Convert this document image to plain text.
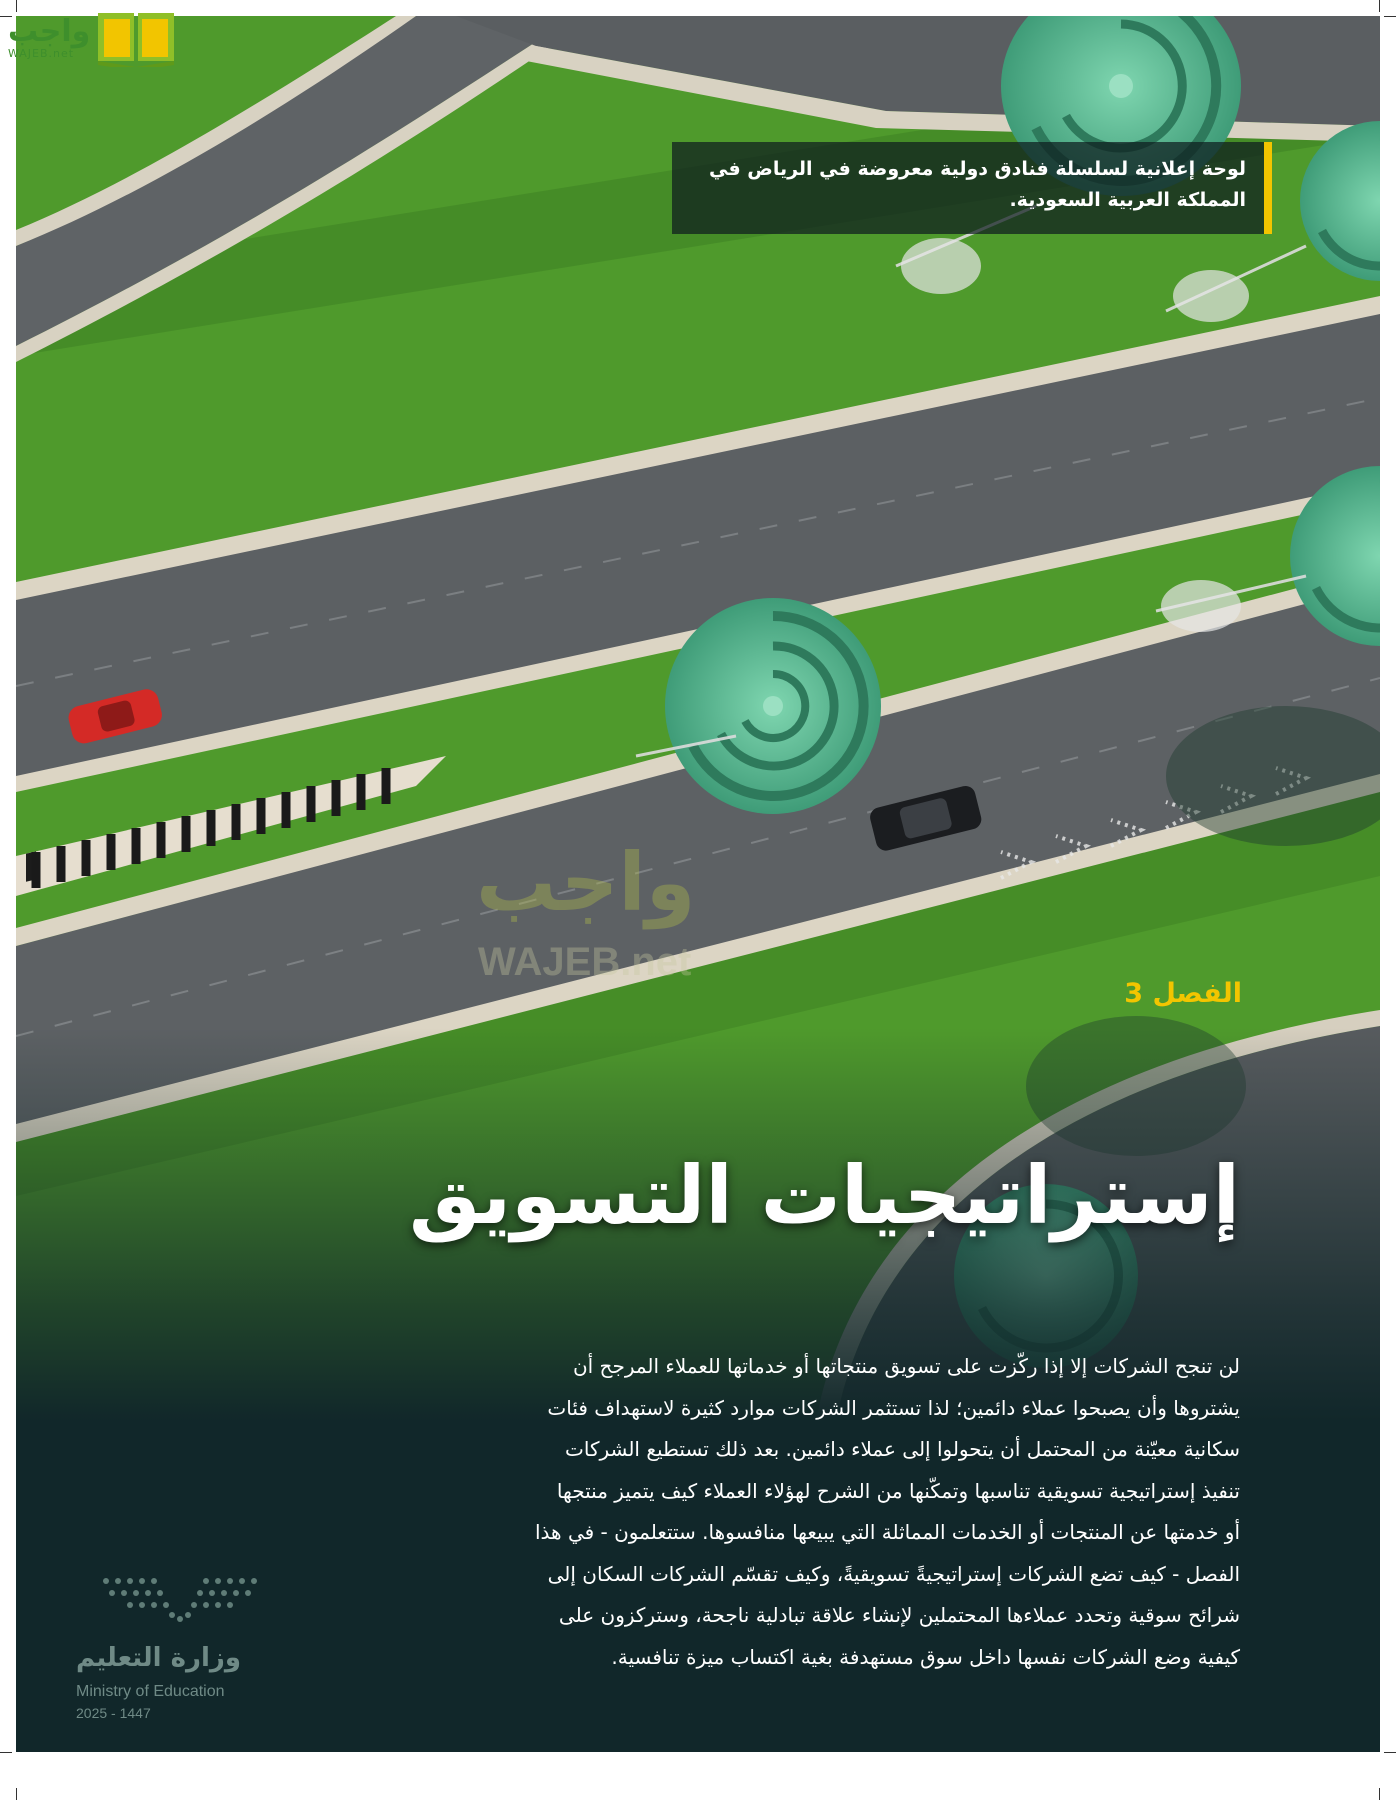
واجب
WAJEB.net
لوحة إعلانية لسلسلة فنادق دولية معروضة في الرياض في المملكة العربية السعودية.
الفصل 3
إستراتيجيات التسويق
لن تنجح الشركات إلا إذا ركّزت على تسويق منتجاتها أو خدماتها للعملاء المرجح أن
يشتروها وأن يصبحوا عملاء دائمين؛ لذا تستثمر الشركات موارد كثيرة لاستهداف فئات
سكانية معيّنة من المحتمل أن يتحولوا إلى عملاء دائمين. بعد ذلك تستطيع الشركات
تنفيذ إستراتيجية تسويقية تناسبها وتمكّنها من الشرح لهؤلاء العملاء كيف يتميز منتجها
أو خدمتها عن المنتجات أو الخدمات المماثلة التي يبيعها منافسوها. ستتعلمون - في هذا
الفصل - كيف تضع الشركات إستراتيجيةً تسويقيةً، وكيف تقسّم الشركات السكان إلى
شرائح سوقية وتحدد عملاءها المحتملين لإنشاء علاقة تبادلية ناجحة، وستركزون على
كيفية وضع الشركات نفسها داخل سوق مستهدفة بغية اكتساب ميزة تنافسية.
وزارة التعليم
Ministry of Education
2025 - 1447
واجب
WAJEB.net
